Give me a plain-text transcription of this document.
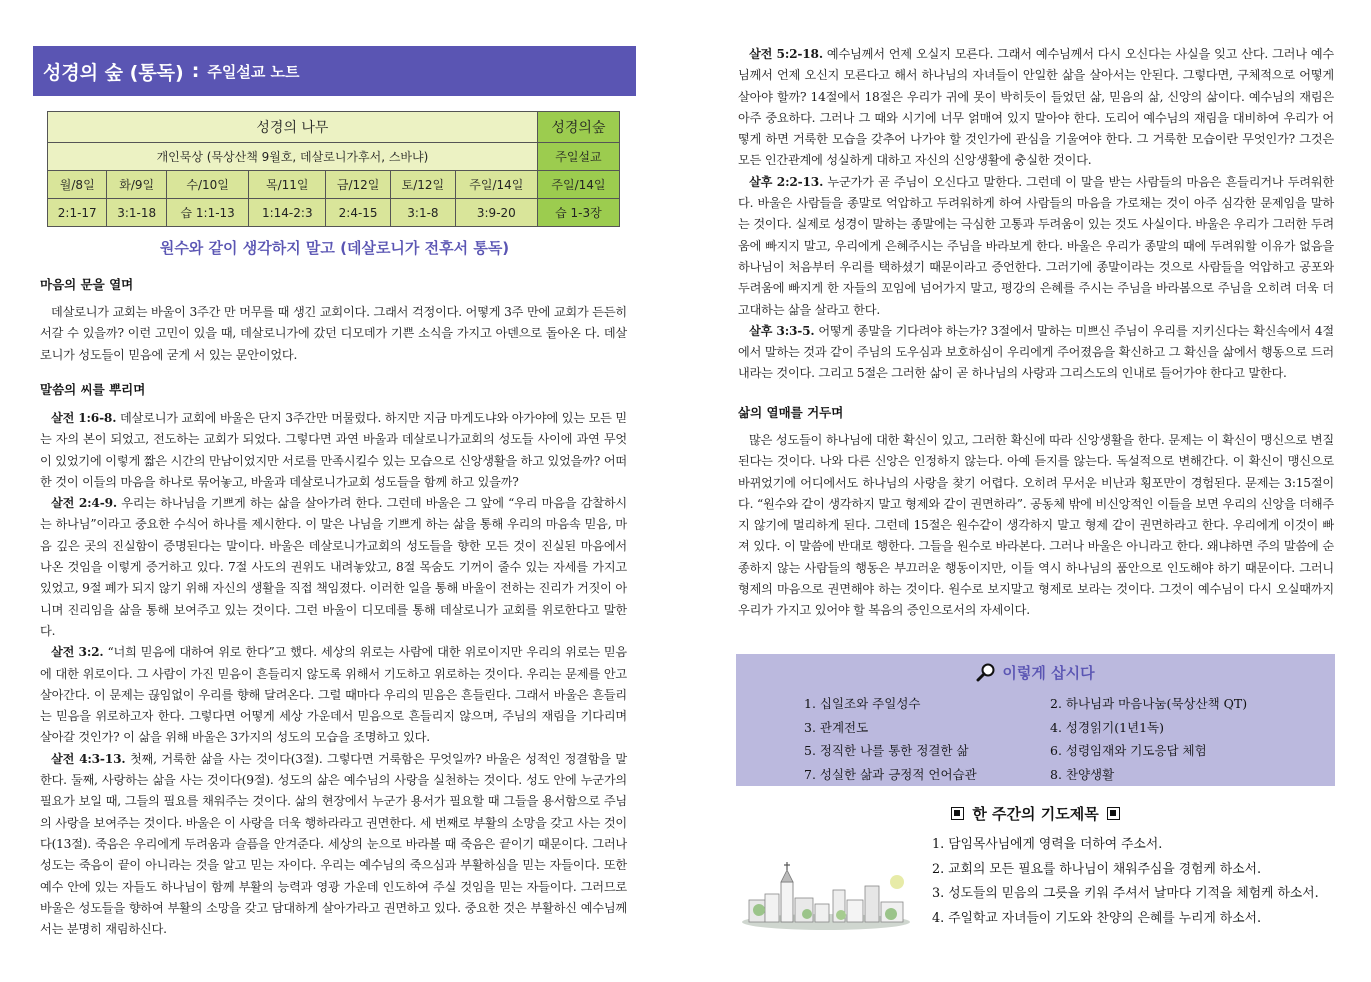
성경의 숲 (통독) : 주일설교 노트
성경의 나무							성경의숲
개인묵상 (묵상산책 9월호, 데살로니가후서, 스바냐)							주일설교
월/8일	화/9일	수/10일	목/11일	금/12일	토/12일	주일/14일	주일/14일
2:1-17	3:1-18	습 1:1-13	1:14-2:3	2:4-15	3:1-8	3:9-20	습 1-3장
원수와 같이 생각하지 말고 (데살로니가 전후서 통독)
마음의 문을 열며

데살로니가 교회는 바울이 3주간 만 머무를 때 생긴 교회이다. 그래서 걱정이다. 어떻게 3주 만에 교회가 든든히 서갈 수 있을까? 이런 고민이 있을 때, 데살로니가에 갔던 디모데가 기쁜 소식을 가지고 아덴으로 돌아온 다. 데살로니가 성도들이 믿음에 굳게 서 있는 문안이었다.

말씀의 씨를 뿌리며

살전 1:6-8. 데살로니가 교회에 바울은 단지 3주간만 머물렀다. 하지만 지금 마게도냐와 아가야에 있는 모든 믿는 자의 본이 되었고, 전도하는 교회가 되었다. 그렇다면 과연 바울과 데살로니가교회의 성도들 사이에 과연 무엇이 있었기에 이렇게 짧은 시간의 만남이었지만 서로를 만족시킬수 있는 모습으로 신앙생활을 하고 있었을까? 어떠한 것이 이들의 마음을 하나로 묶어놓고, 바울과 데살로니가교회 성도들을 함께 하고 있을까?

살전 2:4-9. 우리는 하나님을 기쁘게 하는 삶을 살아가려 한다. 그런데 바울은 그 앞에 “우리 마음을 감찰하시는 하나님”이라고 중요한 수식어 하나를 제시한다. 이 말은 나님을 기쁘게 하는 삶을 통해 우리의 마음속 믿음, 마음 깊은 곳의 진실함이 증명된다는 말이다. 바울은 데살로니가교회의 성도들을 향한 모든 것이 진실된 마음에서 나온 것임을 이렇게 증거하고 있다. 7절 사도의 권위도 내려놓았고, 8절 목숨도 기꺼이 줄수 있는 자세를 가지고 있었고, 9절 폐가 되지 않기 위해 자신의 생활을 직접 책임졌다. 이러한 일을 통해 바울이 전하는 진리가 거짓이 아니며 진리임을 삶을 통해 보여주고 있는 것이다. 그런 바울이 디모데를 통해 데살로니가 교회를 위로한다고 말한다.

살전 3:2. “너희 믿음에 대하여 위로 한다”고 했다. 세상의 위로는 사람에 대한 위로이지만 우리의 위로는 믿음에 대한 위로이다. 그 사람이 가진 믿음이 흔들리지 않도록 위해서 기도하고 위로하는 것이다. 우리는 문제를 안고 살아간다. 이 문제는 끊임없이 우리를 향해 달려온다. 그럴 때마다 우리의 믿음은 흔들린다. 그래서 바울은 흔들리는 믿음을 위로하고자 한다. 그렇다면 어떻게 세상 가운데서 믿음으로 흔들리지 않으며, 주님의 재림을 기다리며 살아갈 것인가? 이 삶을 위해 바울은 3가지의 성도의 모습을 조명하고 있다.

살전 4:3-13. 첫째, 거룩한 삶을 사는 것이다(3절). 그렇다면 거룩함은 무엇일까? 바울은 성적인 정결함을 말한다. 둘째, 사랑하는 삶을 사는 것이다(9절). 성도의 삶은 예수님의 사랑을 실천하는 것이다. 성도 안에 누군가의 필요가 보일 때, 그들의 필요를 채워주는 것이다. 삶의 현장에서 누군가 용서가 필요할 때 그들을 용서함으로 주님의 사랑을 보여주는 것이다. 바울은 이 사랑을 더욱 행하라라고 권면한다. 세 번째로 부활의 소망을 갖고 사는 것이다(13절). 죽음은 우리에게 두려움과 슬픔을 안겨준다. 세상의 눈으로 바라볼 때 죽음은 끝이기 때문이다. 그러나 성도는 죽음이 끝이 아니라는 것을 알고 믿는 자이다. 우리는 예수님의 죽으심과 부활하심을 믿는 자들이다. 또한 예수 안에 있는 자들도 하나님이 함께 부활의 능력과 영광 가운데 인도하여 주실 것임을 믿는 자들이다. 그러므로 바울은 성도들을 향하여 부활의 소망을 갖고 담대하게 살아가라고 권면하고 있다. 중요한 것은 부활하신 예수님께서는 분명히 재림하신다.

살전 5:2-18. 예수님께서 언제 오실지 모른다. 그래서 예수님께서 다시 오신다는 사실을 잊고 산다. 그러나 예수님께서 언제 오신지 모른다고 해서 하나님의 자녀들이 안일한 삶을 살아서는 안된다. 그렇다면, 구체적으로 어떻게 살아야 할까? 14절에서 18절은 우리가 귀에 못이 박히듯이 들었던 삶, 믿음의 삶, 신앙의 삶이다. 예수님의 재림은 아주 중요하다. 그러나 그 때와 시기에 너무 얽매여 있지 말아야 한다. 도리어 예수님의 재림을 대비하여 우리가 어떻게 하면 거룩한 모습을 갖추어 나가야 할 것인가에 관심을 기울여야 한다. 그 거룩한 모습이란 무엇인가? 그것은 모든 인간관계에 성실하게 대하고 자신의 신앙생활에 충실한 것이다.

살후 2:2-13. 누군가가 곧 주님이 오신다고 말한다. 그런데 이 말을 받는 사람들의 마음은 흔들리거나 두려워한다. 바울은 사람들을 종말로 억압하고 두려워하게 하여 사람들의 마음을 가로채는 것이 아주 심각한 문제임을 말하는 것이다. 실제로 성경이 말하는 종말에는 극심한 고통과 두려움이 있는 것도 사실이다. 바울은 우리가 그러한 두려움에 빠지지 말고, 우리에게 은혜주시는 주님을 바라보게 한다. 바울은 우리가 종말의 때에 두려워할 이유가 없음을 하나님이 처음부터 우리를 택하셨기 때문이라고 증언한다. 그러기에 종말이라는 것으로 사람들을 억압하고 공포와 두려움에 빠지게 한 자들의 꼬임에 넘어가지 말고, 평강의 은혜를 주시는 주님을 바라봄으로 주님을 오히려 더욱 더 고대하는 삶을 살라고 한다.

살후 3:3-5. 어떻게 종말을 기다려야 하는가? 3절에서 말하는 미쁘신 주님이 우리를 지키신다는 확신속에서 4절에서 말하는 것과 같이 주님의 도우심과 보호하심이 우리에게 주어졌음을 확신하고 그 확신을 삶에서 행동으로 드러내라는 것이다. 그리고 5절은 그러한 삶이 곧 하나님의 사랑과 그리스도의 인내로 들어가야 한다고 말한다.

삶의 열매를 거두며

많은 성도들이 하나님에 대한 확신이 있고, 그러한 확신에 따라 신앙생활을 한다. 문제는 이 확신이 맹신으로 변질된다는 것이다. 나와 다른 신앙은 인정하지 않는다. 아예 듣지를 않는다. 독설적으로 변해간다. 이 확신이 맹신으로 바뀌었기에 어디에서도 하나님의 사랑을 찾기 어렵다. 오히려 무서운 비난과 횡포만이 경험된다. 문제는 3:15절이다. “원수와 같이 생각하지 말고 형제와 같이 권면하라”. 공동체 밖에 비신앙적인 이들을 보면 우리의 신앙을 더해주지 않기에 멀리하게 된다. 그런데 15절은 원수같이 생각하지 말고 형제 같이 권면하라고 한다. 우리에게 이것이 빠져 있다. 이 말씀에 반대로 행한다. 그들을 원수로 바라본다. 그러나 바울은 아니라고 한다. 왜냐하면 주의 말씀에 순종하지 않는 사람들의 행동은 부끄러운 행동이지만, 이들 역시 하나님의 품안으로 인도해야 하기 때문이다. 그러니 형제의 마음으로 권면해야 하는 것이다. 원수로 보지말고 형제로 보라는 것이다. 그것이 예수님이 다시 오실때까지 우리가 가지고 있어야 할 복음의 증인으로서의 자세이다.

이렇게 삽시다
1. 십일조와 주일성수
3. 관계전도
5. 정직한 나를 통한 정결한 삶
7. 성실한 삶과 긍정적 언어습관
2. 하나님과 마음나눔(묵상산책 QT)
4. 성경읽기(1년1독)
6. 성령임재와 기도응답 체험
8. 찬양생활
한 주간의 기도제목
1. 담임목사님에게 영력을 더하여 주소서.
2. 교회의 모든 필요를 하나님이 채워주심을 경험케 하소서.
3. 성도들의 믿음의 그릇을 키워 주셔서 날마다 기적을 체험케 하소서.
4. 주일학교 자녀들이 기도와 찬양의 은혜를 누리게 하소서.
